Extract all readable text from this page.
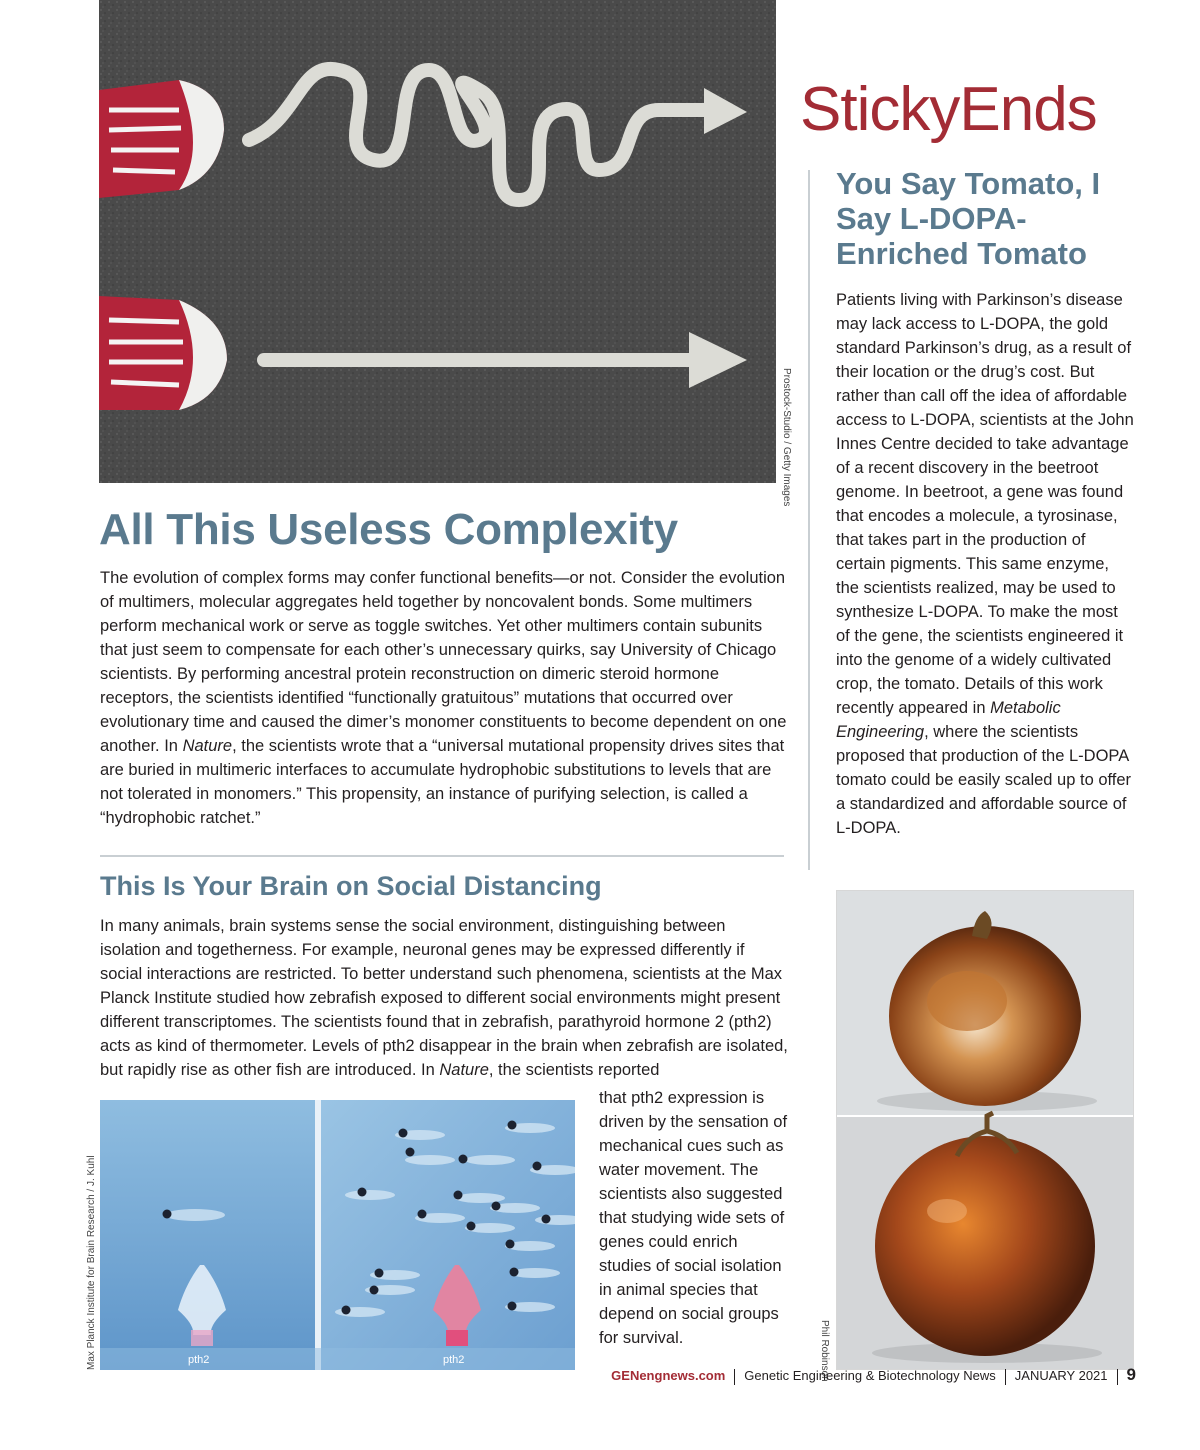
Prostock-Studio / Getty Images
StickyEnds
You Say Tomato, I Say L-DOPA-Enriched Tomato

Patients living with Parkinson’s disease may lack access to L-DOPA, the gold standard Parkinson’s drug, as a result of their location or the drug’s cost. But rather than call off the idea of affordable access to L-DOPA, scientists at the John Innes Centre decided to take advantage of a recent discovery in the beetroot genome. In beetroot, a gene was found that encodes a molecule, a tyrosinase, that takes part in the production of certain pigments. This same enzyme, the scientists realized, may be used to synthesize L-DOPA. To make the most of the gene, the scientists engineered it into the genome of a widely cultivated crop, the tomato. Details of this work recently appeared in Metabolic Engineering, where the scientists proposed that production of the L-DOPA tomato could be easily scaled up to offer a standardized and affordable source of L-DOPA.

Phil Robinson
All This Useless Complexity
The evolution of complex forms may confer functional benefits—or not. Consider the evolution of multimers, molecular aggregates held together by noncovalent bonds. Some multimers perform mechanical work or serve as toggle switches. Yet other multimers contain subunits that just seem to compensate for each other’s unnecessary quirks, say University of Chicago scientists. By performing ancestral protein reconstruction on dimeric steroid hormone receptors, the scientists identified “functionally gratuitous” mutations that occurred over evolutionary time and caused the dimer’s monomer constituents to become dependent on one another. In Nature, the scientists wrote that a “universal mutational propensity drives sites that are buried in multimeric interfaces to accumulate hydrophobic substitutions to levels that are not tolerated in monomers.” This propensity, an instance of purifying selection, is called a “hydrophobic ratchet.”
This Is Your Brain on Social Distancing
In many animals, brain systems sense the social environment, distinguishing between isolation and togetherness. For example, neuronal genes may be expressed differently if social interactions are restricted. To better understand such phenomena, scientists at the Max Planck Institute studied how zebrafish exposed to different social environments might present different transcriptomes. The scientists found that in zebrafish, parathyroid hormone 2 (pth2) acts as kind of thermometer. Levels of pth2 disappear in the brain when zebrafish are isolated, but rapidly rise as other fish are introduced. In Nature, the scientists reported
that pth2 expression is driven by the sensation of mechanical cues such as water movement. The scientists also suggested that studying wide sets of genes could enrich studies of social isolation in animal species that depend on social groups for survival.
pth2	pth2
Max Planck Institute for Brain Research / J. Kuhl
GENengnews.com Genetic Engineering & Biotechnology News JANUARY 2021 9
